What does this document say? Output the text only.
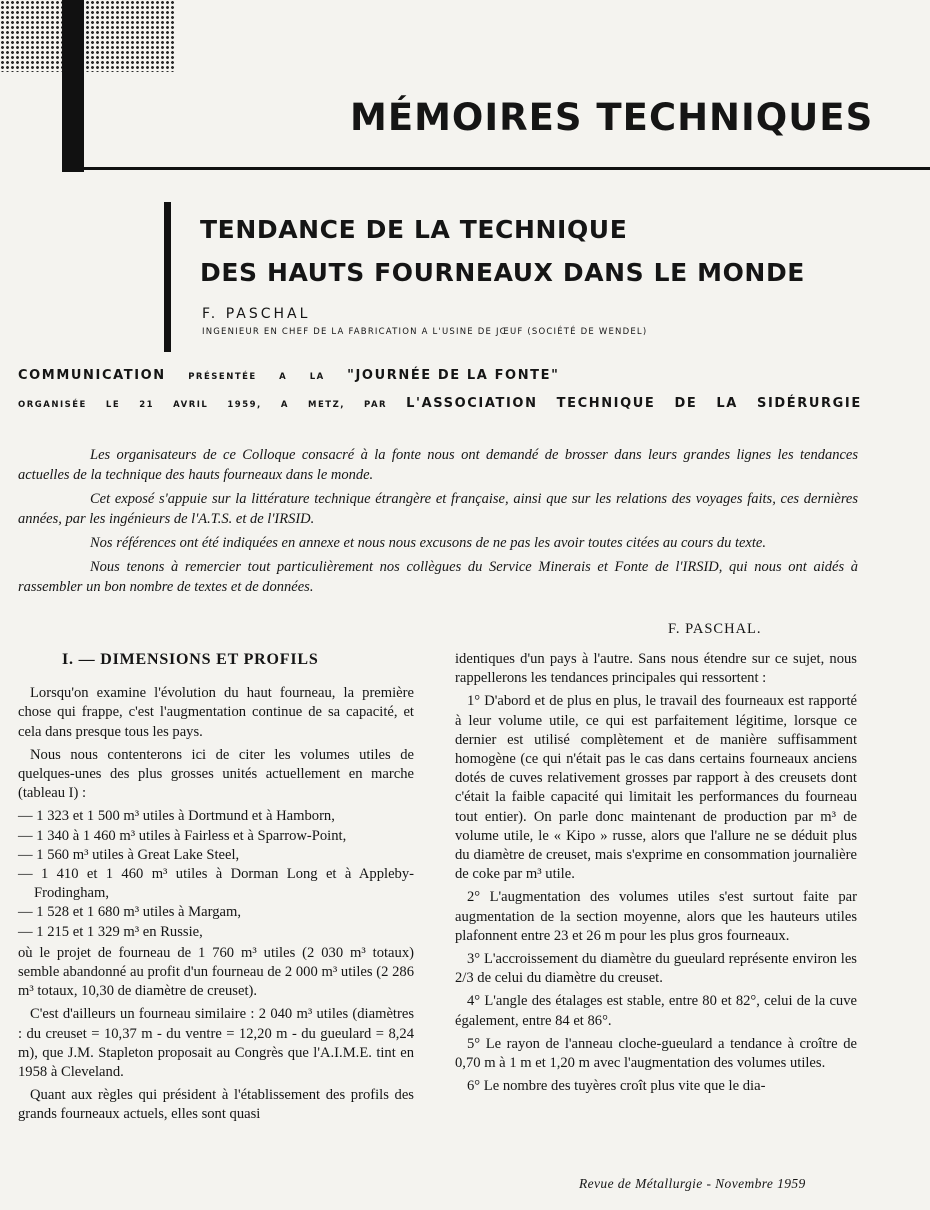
MÉMOIRES TECHNIQUES
TENDANCE DE LA TECHNIQUE
DES HAUTS FOURNEAUX DANS LE MONDE
F. PASCHAL
INGENIEUR EN CHEF DE LA FABRICATION A L'USINE DE JŒUF (SOCIÉTÉ DE WENDEL)
COMMUNICATION	PRÉSENTÉE	A	LA "JOURNÉE DE LA FONTE"
ORGANISÉE LE 21 AVRIL 1959, A METZ, PAR L'ASSOCIATION TECHNIQUE DE LA SIDÉRURGIE

Les organisateurs de ce Colloque consacré à la fonte nous ont demandé de brosser dans leurs grandes lignes les tendances actuelles de la technique des hauts fourneaux dans le monde.

Cet exposé s'appuie sur la littérature technique étrangère et française, ainsi que sur les relations des voyages faits, ces dernières années, par les ingénieurs de l'A.T.S. et de l'IRSID.

Nos références ont été indiquées en annexe et nous nous excusons de ne pas les avoir toutes citées au cours du texte.

Nous tenons à remercier tout particulièrement nos collègues du Service Minerais et Fonte de l'IRSID, qui nous ont aidés à rassembler un bon nombre de textes et de données.

F. PASCHAL.
I. — DIMENSIONS ET PROFILS

Lorsqu'on examine l'évolution du haut fourneau, la première chose qui frappe, c'est l'augmentation continue de sa capacité, et cela dans presque tous les pays.

Nous nous contenterons ici de citer les volumes utiles de quelques-unes des plus grosses unités actuellement en marche (tableau I) :

— 1 323 et 1 500 m³ utiles à Dortmund et à Hamborn,
— 1 340 à 1 460 m³ utiles à Fairless et à Sparrow-Point,
— 1 560 m³ utiles à Great Lake Steel,
— 1 410 et 1 460 m³ utiles à Dorman Long et à Appleby-Frodingham,
— 1 528 et 1 680 m³ utiles à Margam,
— 1 215 et 1 329 m³ en Russie,

où le projet de fourneau de 1 760 m³ utiles (2 030 m³ totaux) semble abandonné au profit d'un fourneau de 2 000 m³ utiles (2 286 m³ totaux, 10,30 de diamètre de creuset).

C'est d'ailleurs un fourneau similaire : 2 040 m³ utiles (diamètres : du creuset = 10,37 m - du ventre = 12,20 m - du gueulard = 8,24 m), que J.M. Stapleton proposait au Congrès que l'A.I.M.E. tint en 1958 à Cleveland.

Quant aux règles qui président à l'établissement des profils des grands fourneaux actuels, elles sont quasi

identiques d'un pays à l'autre. Sans nous étendre sur ce sujet, nous rappellerons les tendances principales qui ressortent :

1° D'abord et de plus en plus, le travail des fourneaux est rapporté à leur volume utile, ce qui est parfaitement légitime, lorsque ce dernier est utilisé complètement et de manière suffisamment homogène (ce qui n'était pas le cas dans certains fourneaux anciens dotés de cuves relativement grosses par rapport à des creusets dont c'était la faible capacité qui limitait les performances du fourneau tout entier). On parle donc maintenant de production par m³ de volume utile, le « Kipo » russe, alors que l'allure ne se déduit plus du diamètre de creuset, mais s'exprime en consommation journalière de coke par m³ utile.

2° L'augmentation des volumes utiles s'est surtout faite par augmentation de la section moyenne, alors que les hauteurs utiles plafonnent entre 23 et 26 m pour les plus gros fourneaux.

3° L'accroissement du diamètre du gueulard représente environ les 2/3 de celui du diamètre du creuset.

4° L'angle des étalages est stable, entre 80 et 82°, celui de la cuve également, entre 84 et 86°.

5° Le rayon de l'anneau cloche-gueulard a tendance à croître de 0,70 m à 1 m et 1,20 m avec l'augmentation des volumes utiles.

6° Le nombre des tuyères croît plus vite que le dia-

Revue de Métallurgie - Novembre 1959
